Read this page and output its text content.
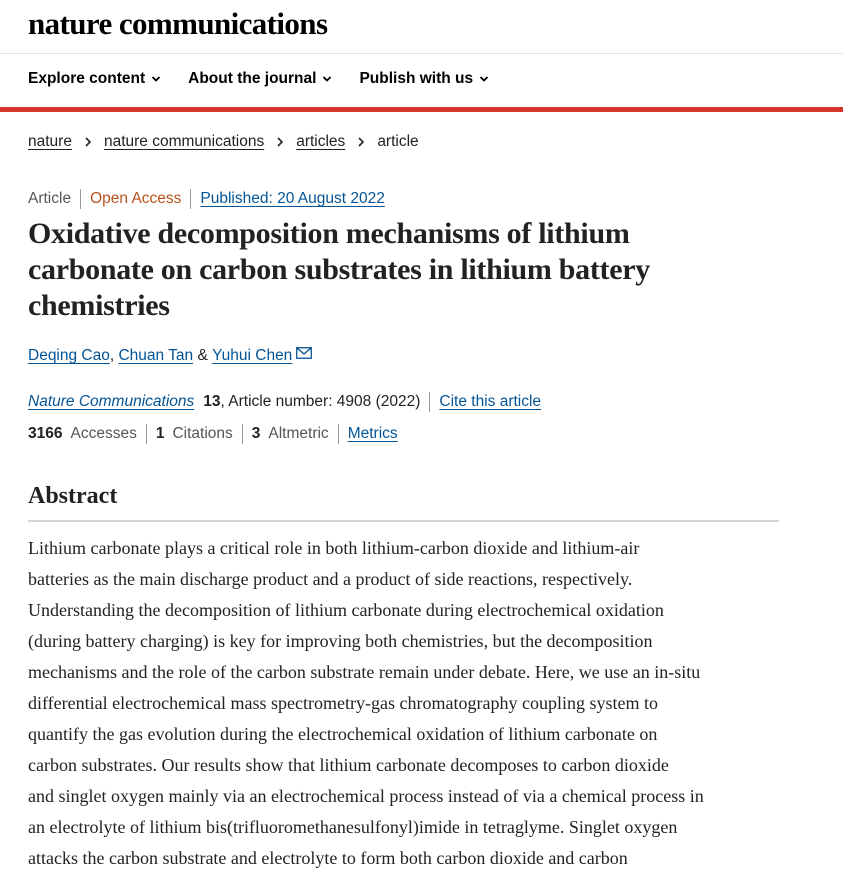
nature communications
Explore content	About the journal	Publish with us
nature nature communications articles article
Article Open Access Published: 20 August 2022
Oxidative decomposition mechanisms of lithium carbonate on carbon substrates in lithium battery chemistries
Deqing Cao ,
Chuan Tan
&
Yuhui Chen
Nature Communications 13 , Article number: 4908 (2022) Cite this article
3166 Accesses 1 Citations 3 Altmetric Metrics
Abstract
Lithium carbonate plays a critical role in both lithium-carbon dioxide and lithium-air
batteries as the main discharge product and a product of side reactions, respectively.
Understanding the decomposition of lithium carbonate during electrochemical oxidation
(during battery charging) is key for improving both chemistries, but the decomposition
mechanisms and the role of the carbon substrate remain under debate. Here, we use an in-situ
differential electrochemical mass spectrometry-gas chromatography coupling system to
quantify the gas evolution during the electrochemical oxidation of lithium carbonate on
carbon substrates. Our results show that lithium carbonate decomposes to carbon dioxide
and singlet oxygen mainly via an electrochemical process instead of via a chemical process in
an electrolyte of lithium bis(trifluoromethanesulfonyl)imide in tetraglyme. Singlet oxygen
attacks the carbon substrate and electrolyte to form both carbon dioxide and carbon
